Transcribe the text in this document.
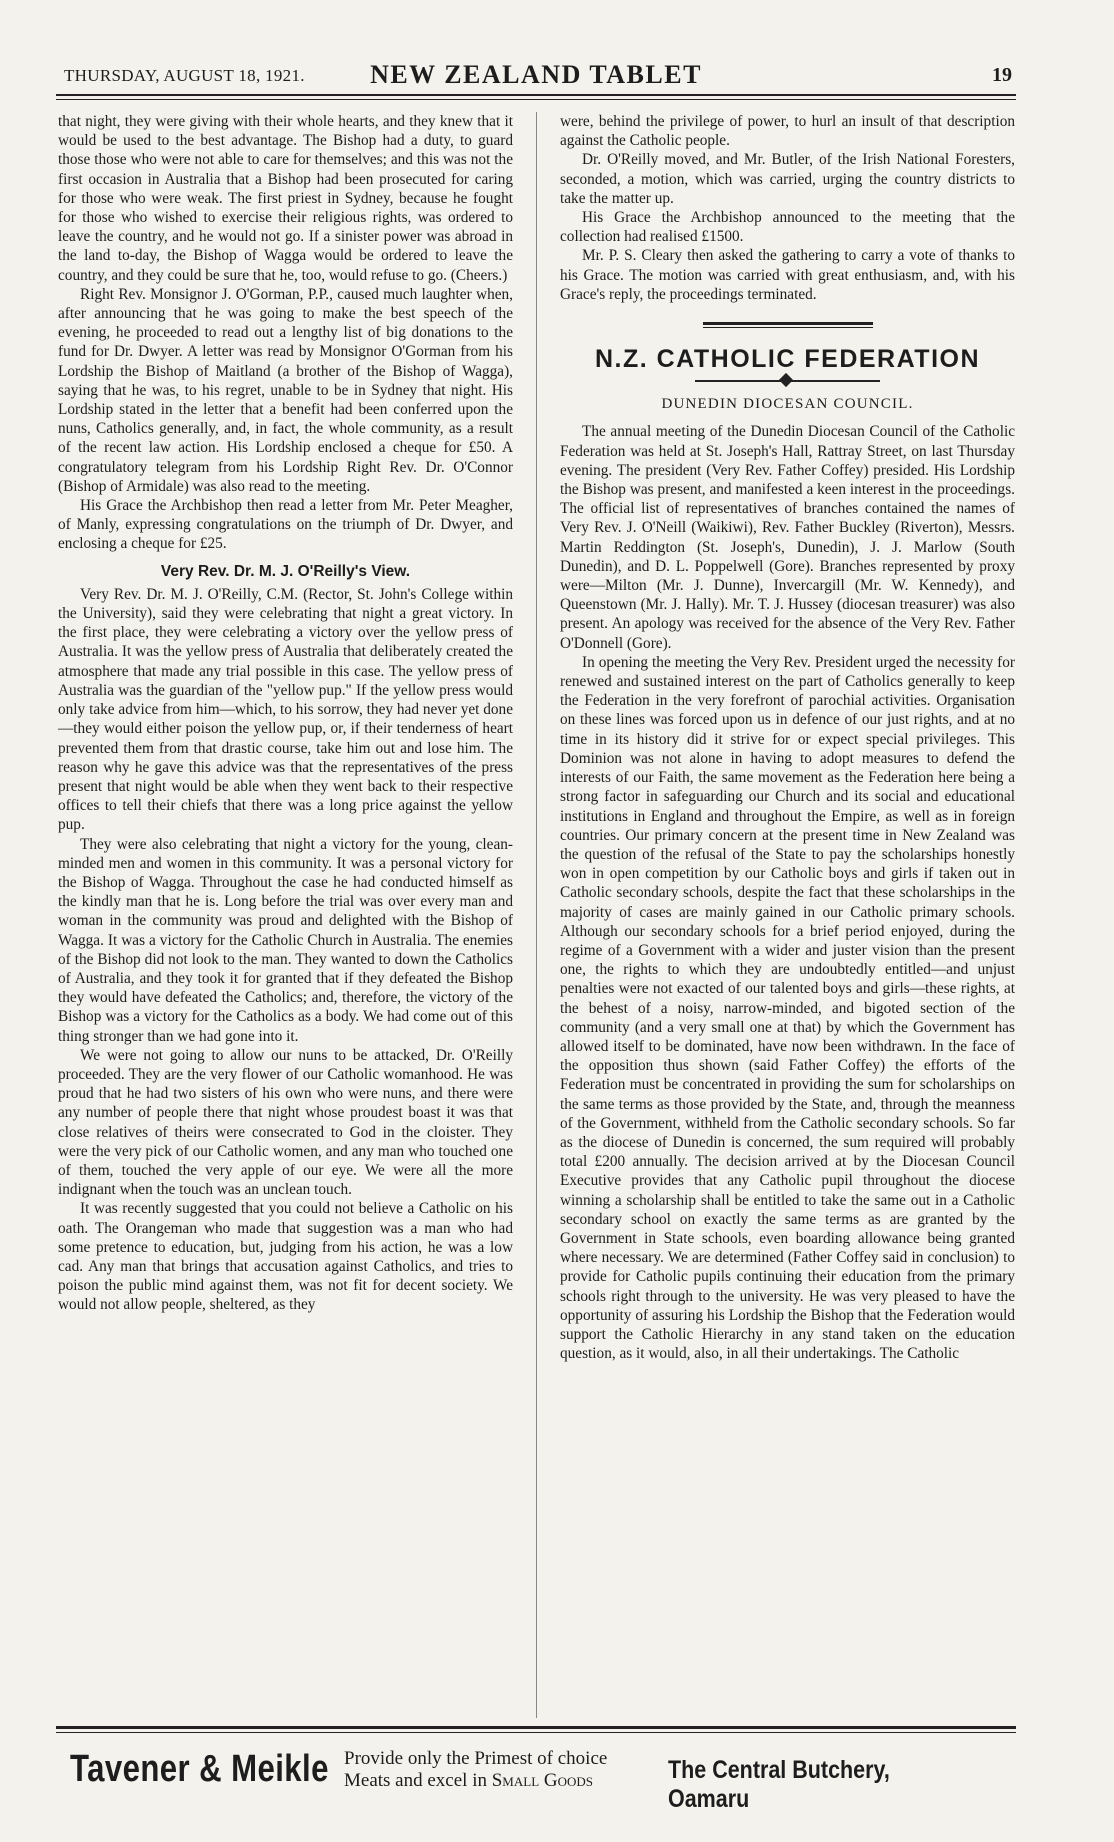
THURSDAY, AUGUST 18, 1921.	NEW ZEALAND TABLET	19

that night, they were giving with their whole hearts, and they knew that it would be used to the best advantage. The Bishop had a duty, to guard those those who were not able to care for themselves; and this was not the first occasion in Australia that a Bishop had been prosecuted for caring for those who were weak. The first priest in Sydney, because he fought for those who wished to exercise their religious rights, was ordered to leave the country, and he would not go. If a sinister power was abroad in the land to-day, the Bishop of Wagga would be ordered to leave the country, and they could be sure that he, too, would refuse to go. (Cheers.)

Right Rev. Monsignor J. O'Gorman, P.P., caused much laughter when, after announcing that he was going to make the best speech of the evening, he proceeded to read out a lengthy list of big donations to the fund for Dr. Dwyer. A letter was read by Monsignor O'Gorman from his Lordship the Bishop of Maitland (a brother of the Bishop of Wagga), saying that he was, to his regret, unable to be in Sydney that night. His Lordship stated in the letter that a benefit had been conferred upon the nuns, Catholics generally, and, in fact, the whole community, as a result of the recent law action. His Lordship enclosed a cheque for £50. A congratulatory telegram from his Lordship Right Rev. Dr. O'Connor (Bishop of Armidale) was also read to the meeting.

His Grace the Archbishop then read a letter from Mr. Peter Meagher, of Manly, expressing congratulations on the triumph of Dr. Dwyer, and enclosing a cheque for £25.

Very Rev. Dr. M. J. O'Reilly's View.

Very Rev. Dr. M. J. O'Reilly, C.M. (Rector, St. John's College within the University), said they were celebrating that night a great victory. In the first place, they were celebrating a victory over the yellow press of Australia. It was the yellow press of Australia that deliberately created the atmosphere that made any trial possible in this case. The yellow press of Australia was the guardian of the "yellow pup." If the yellow press would only take advice from him—which, to his sorrow, they had never yet done—they would either poison the yellow pup, or, if their tenderness of heart prevented them from that drastic course, take him out and lose him. The reason why he gave this advice was that the representatives of the press present that night would be able when they went back to their respective offices to tell their chiefs that there was a long price against the yellow pup.

They were also celebrating that night a victory for the young, clean-minded men and women in this community. It was a personal victory for the Bishop of Wagga. Throughout the case he had conducted himself as the kindly man that he is. Long before the trial was over every man and woman in the community was proud and delighted with the Bishop of Wagga. It was a victory for the Catholic Church in Australia. The enemies of the Bishop did not look to the man. They wanted to down the Catholics of Australia, and they took it for granted that if they defeated the Bishop they would have defeated the Catholics; and, therefore, the victory of the Bishop was a victory for the Catholics as a body. We had come out of this thing stronger than we had gone into it.

We were not going to allow our nuns to be attacked, Dr. O'Reilly proceeded. They are the very flower of our Catholic womanhood. He was proud that he had two sisters of his own who were nuns, and there were any number of people there that night whose proudest boast it was that close relatives of theirs were consecrated to God in the cloister. They were the very pick of our Catholic women, and any man who touched one of them, touched the very apple of our eye. We were all the more indignant when the touch was an unclean touch.

It was recently suggested that you could not believe a Catholic on his oath. The Orangeman who made that suggestion was a man who had some pretence to education, but, judging from his action, he was a low cad. Any man that brings that accusation against Catholics, and tries to poison the public mind against them, was not fit for decent society. We would not allow people, sheltered, as they

were, behind the privilege of power, to hurl an insult of that description against the Catholic people.

Dr. O'Reilly moved, and Mr. Butler, of the Irish National Foresters, seconded, a motion, which was carried, urging the country districts to take the matter up.

His Grace the Archbishop announced to the meeting that the collection had realised £1500.

Mr. P. S. Cleary then asked the gathering to carry a vote of thanks to his Grace. The motion was carried with great enthusiasm, and, with his Grace's reply, the proceedings terminated.

N.Z. CATHOLIC FEDERATION
DUNEDIN DIOCESAN COUNCIL.

The annual meeting of the Dunedin Diocesan Council of the Catholic Federation was held at St. Joseph's Hall, Rattray Street, on last Thursday evening. The president (Very Rev. Father Coffey) presided. His Lordship the Bishop was present, and manifested a keen interest in the proceedings. The official list of representatives of branches contained the names of Very Rev. J. O'Neill (Waikiwi), Rev. Father Buckley (Riverton), Messrs. Martin Reddington (St. Joseph's, Dunedin), J. J. Marlow (South Dunedin), and D. L. Poppelwell (Gore). Branches represented by proxy were—Milton (Mr. J. Dunne), Invercargill (Mr. W. Kennedy), and Queenstown (Mr. J. Hally). Mr. T. J. Hussey (diocesan treasurer) was also present. An apology was received for the absence of the Very Rev. Father O'Donnell (Gore).

In opening the meeting the Very Rev. President urged the necessity for renewed and sustained interest on the part of Catholics generally to keep the Federation in the very forefront of parochial activities. Organisation on these lines was forced upon us in defence of our just rights, and at no time in its history did it strive for or expect special privileges. This Dominion was not alone in having to adopt measures to defend the interests of our Faith, the same movement as the Federation here being a strong factor in safeguarding our Church and its social and educational institutions in England and throughout the Empire, as well as in foreign countries. Our primary concern at the present time in New Zealand was the question of the refusal of the State to pay the scholarships honestly won in open competition by our Catholic boys and girls if taken out in Catholic secondary schools, despite the fact that these scholarships in the majority of cases are mainly gained in our Catholic primary schools. Although our secondary schools for a brief period enjoyed, during the regime of a Government with a wider and juster vision than the present one, the rights to which they are undoubtedly entitled—and unjust penalties were not exacted of our talented boys and girls—these rights, at the behest of a noisy, narrow-minded, and bigoted section of the community (and a very small one at that) by which the Government has allowed itself to be dominated, have now been withdrawn. In the face of the opposition thus shown (said Father Coffey) the efforts of the Federation must be concentrated in providing the sum for scholarships on the same terms as those provided by the State, and, through the meanness of the Government, withheld from the Catholic secondary schools. So far as the diocese of Dunedin is concerned, the sum required will probably total £200 annually. The decision arrived at by the Diocesan Council Executive provides that any Catholic pupil throughout the diocese winning a scholarship shall be entitled to take the same out in a Catholic secondary school on exactly the same terms as are granted by the Government in State schools, even boarding allowance being granted where necessary. We are determined (Father Coffey said in conclusion) to provide for Catholic pupils continuing their education from the primary schools right through to the university. He was very pleased to have the opportunity of assuring his Lordship the Bishop that the Federation would support the Catholic Hierarchy in any stand taken on the education question, as it would, also, in all their undertakings. The Catholic

Tavener & Meikle Provide only the Primest of choice
Meats and excel in Small Goods	The Central Butchery, Oamaru
